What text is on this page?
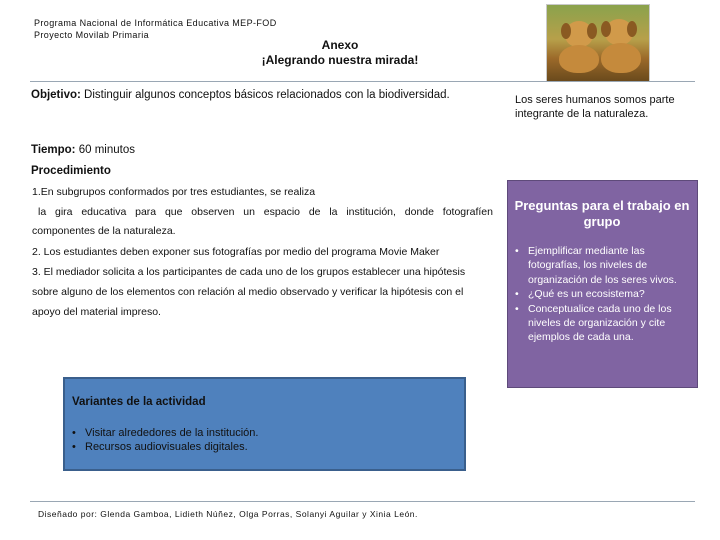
Programa Nacional de Informática Educativa MEP-FOD
Proyecto Movilab Primaria
Anexo
¡Alegrando nuestra mirada!
Objetivo: Distinguir algunos conceptos básicos relacionados con la biodiversidad.	Los seres humanos somos parte integrante de la naturaleza.
Tiempo: 60 minutos
Procedimiento
1.En subgrupos conformados por tres estudiantes, se realiza
la gira educativa para que observen un espacio de la institución, donde fotografíen
componentes de la naturaleza.
2. Los estudiantes deben exponer sus fotografías por medio del programa Movie Maker
3. El mediador solicita a los participantes de cada uno de los grupos establecer una hipótesis
sobre alguno de los elementos con relación al medio observado y verificar la hipótesis con el
apoyo del material impreso.
Preguntas para el trabajo en grupo
• Ejemplificar mediante las fotografías, los niveles de organización de los seres vivos.
• ¿Qué es un ecosistema?
• Conceptualice cada uno de los niveles de organización y cite ejemplos de cada una.
Variantes de la actividad
• Visitar alrededores de la institución.
• Recursos audiovisuales digitales.
Diseñado por: Glenda Gamboa, Lidieth Núñez, Olga Porras, Solanyi Aguilar y Xinia León.
